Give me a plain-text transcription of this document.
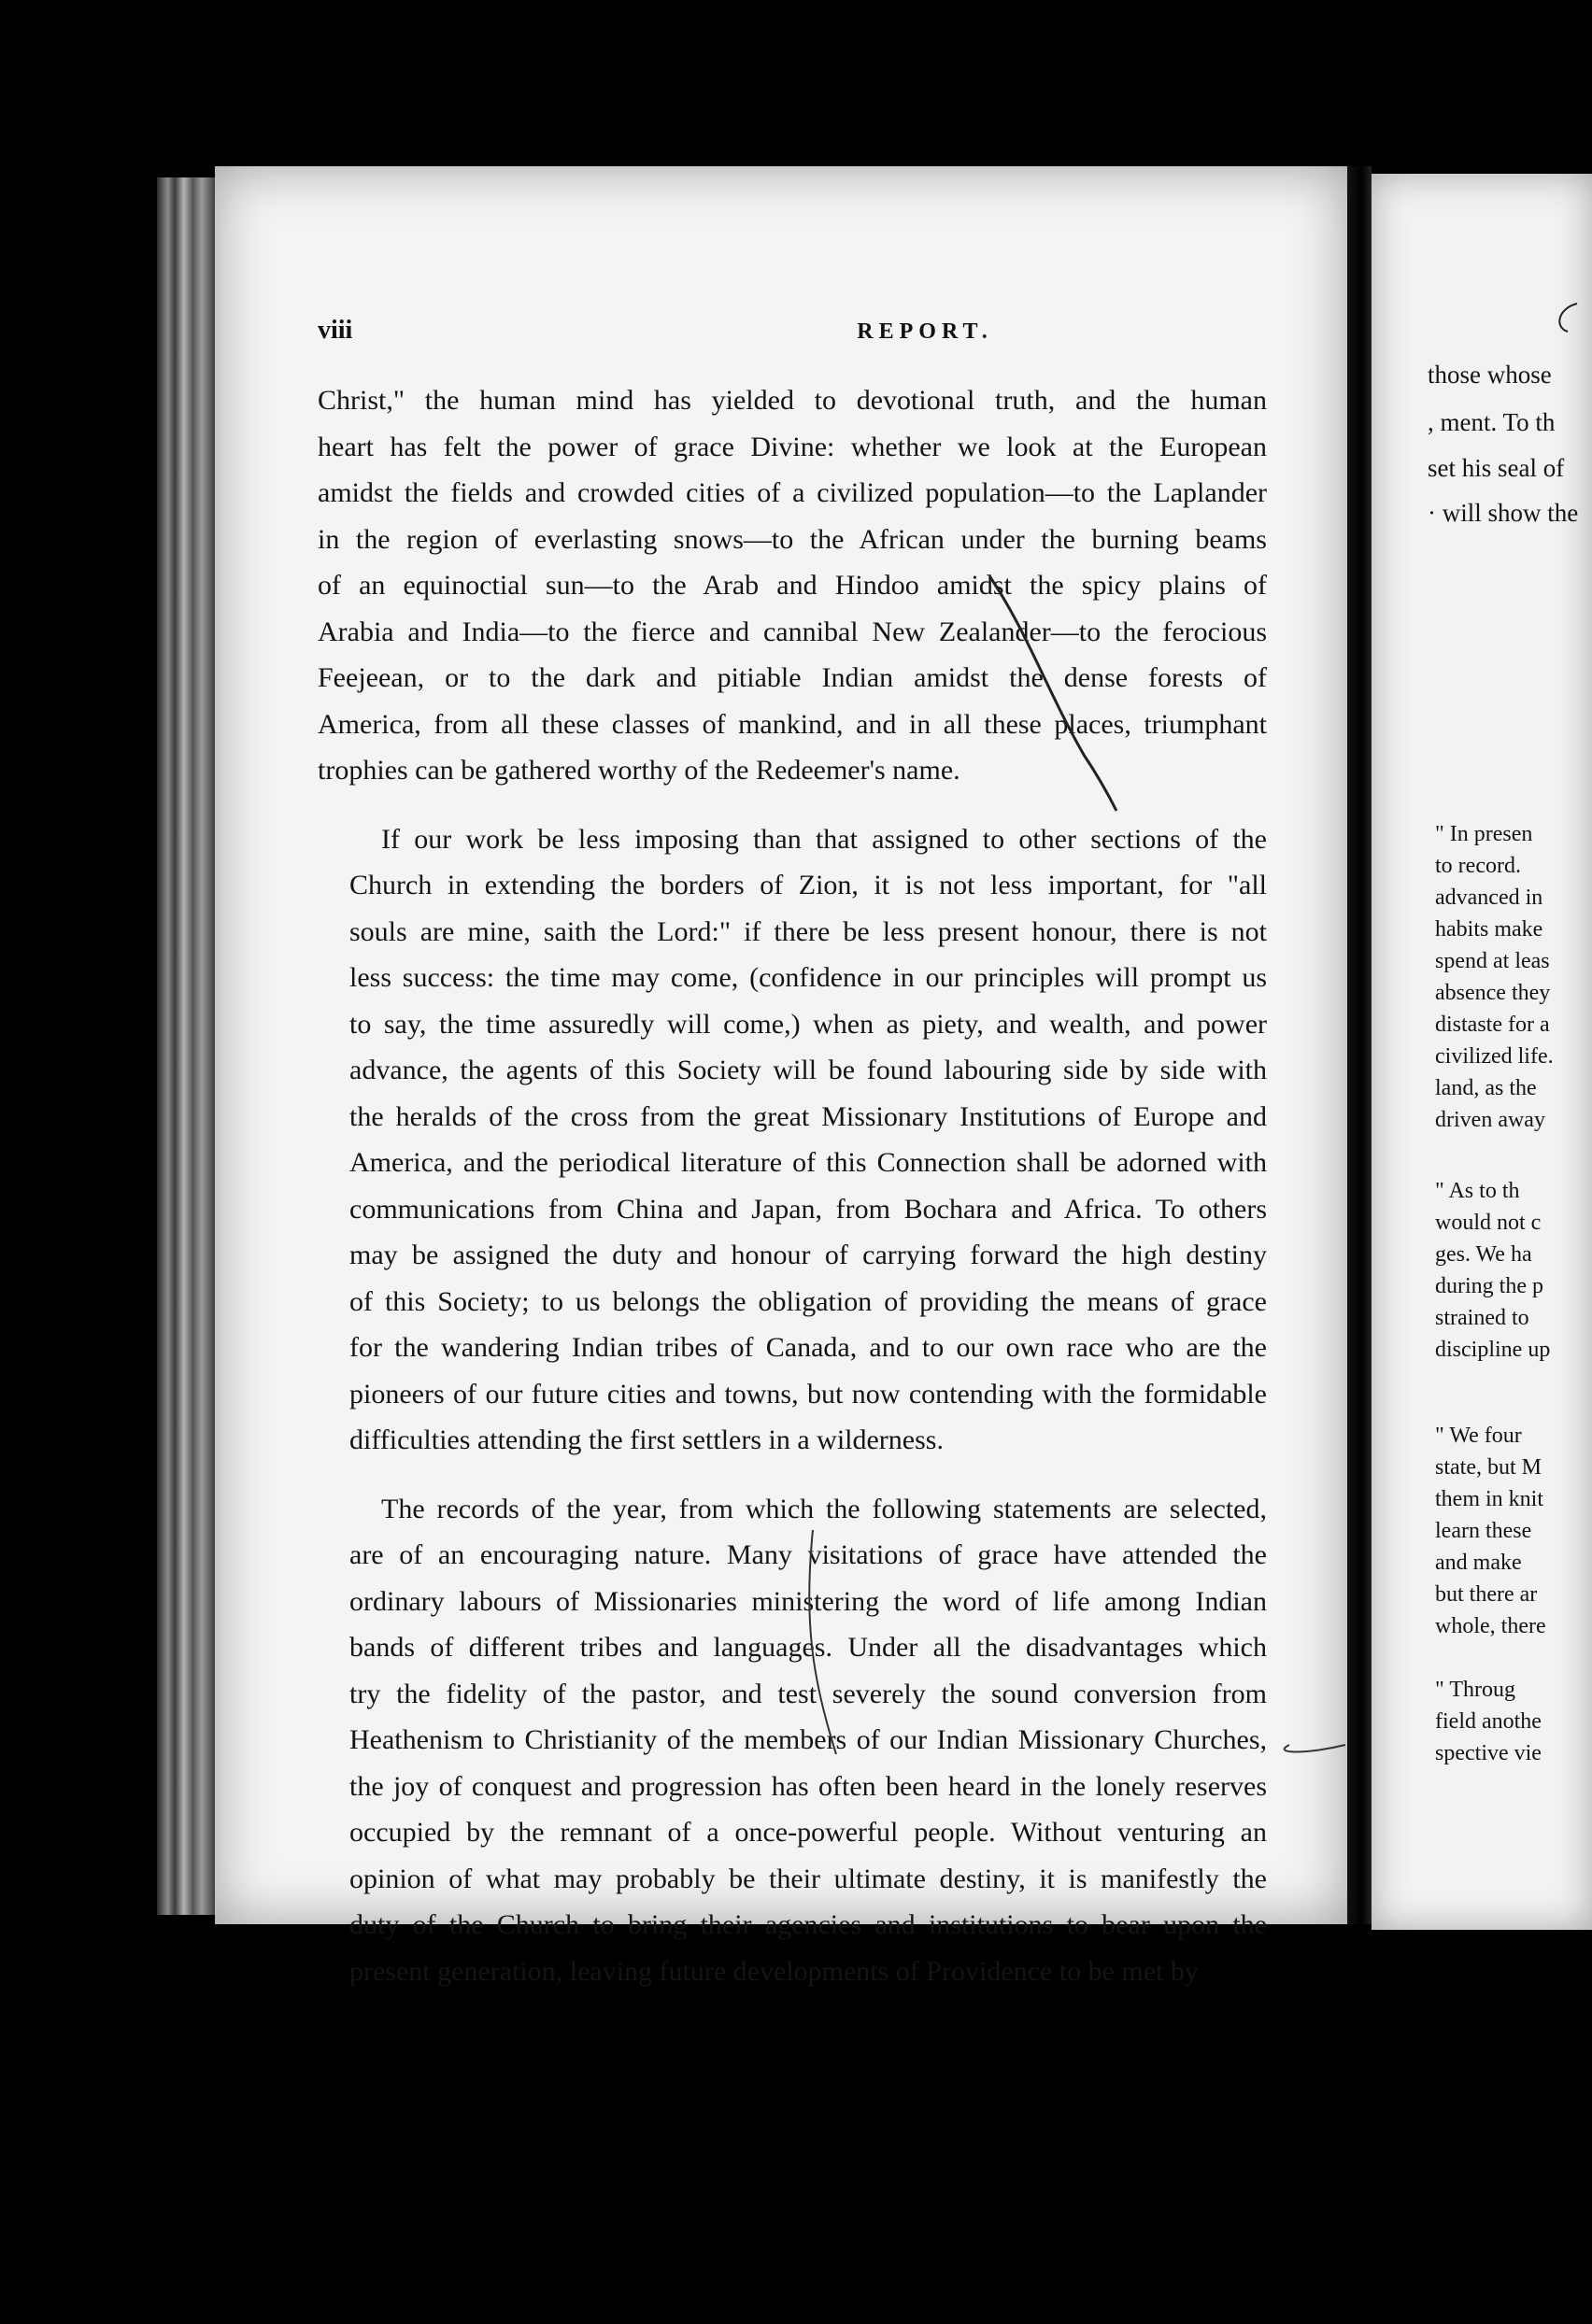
viii	REPORT.

Christ," the human mind has yielded to devotional truth, and the human
heart has felt the power of grace Divine: whether we look at the European
amidst the fields and crowded cities of a civilized population—to the Laplander
in the region of everlasting snows—to the African under the burning beams
of an equinoctial sun—to the Arab and Hindoo amidst the spicy plains of
Arabia and India—to the fierce and cannibal New Zealander—to the ferocious
Feejeean, or to the dark and pitiable Indian amidst the dense forests of
America, from all these classes of mankind, and in all these places, triumphant
trophies can be gathered worthy of the Redeemer's name.

If our work be less imposing than that assigned to other sections of the
Church in extending the borders of Zion, it is not less important, for "all
souls are mine, saith the Lord:" if there be less present honour, there is not
less success: the time may come, (confidence in our principles will prompt us
to say, the time assuredly will come,) when as piety, and wealth, and power
advance, the agents of this Society will be found labouring side by side with
the heralds of the cross from the great Missionary Institutions of Europe and
America, and the periodical literature of this Connection shall be adorned with
communications from China and Japan, from Bochara and Africa. To others
may be assigned the duty and honour of carrying forward the high destiny
of this Society; to us belongs the obligation of providing the means of grace
for the wandering Indian tribes of Canada, and to our own race who are the
pioneers of our future cities and towns, but now contending with the formidable
difficulties attending the first settlers in a wilderness.

The records of the year, from which the following statements are selected,
are of an encouraging nature. Many visitations of grace have attended the
ordinary labours of Missionaries ministering the word of life among Indian
bands of different tribes and languages. Under all the disadvantages which
try the fidelity of the pastor, and test severely the sound conversion from
Heathenism to Christianity of the members of our Indian Missionary Churches,
the joy of conquest and progression has often been heard in the lonely reserves
occupied by the remnant of a once-powerful people. Without venturing an
opinion of what may probably be their ultimate destiny, it is manifestly the
duty of the Church to bring their agencies and institutions to bear upon the
present generation, leaving future developments of Providence to be met by

those whose
, ment. To th
set his seal of
· will show the
" In presen
to record.
advanced in
habits make
spend at leas
absence they
distaste for a
civilized life.
land, as the
driven away
" As to th
would not c
ges. We ha
during the p
strained to
discipline up
" We four
state, but M
them in knit
learn these
and make
but there ar
whole, there
" Throug
field anothe
spective vie
